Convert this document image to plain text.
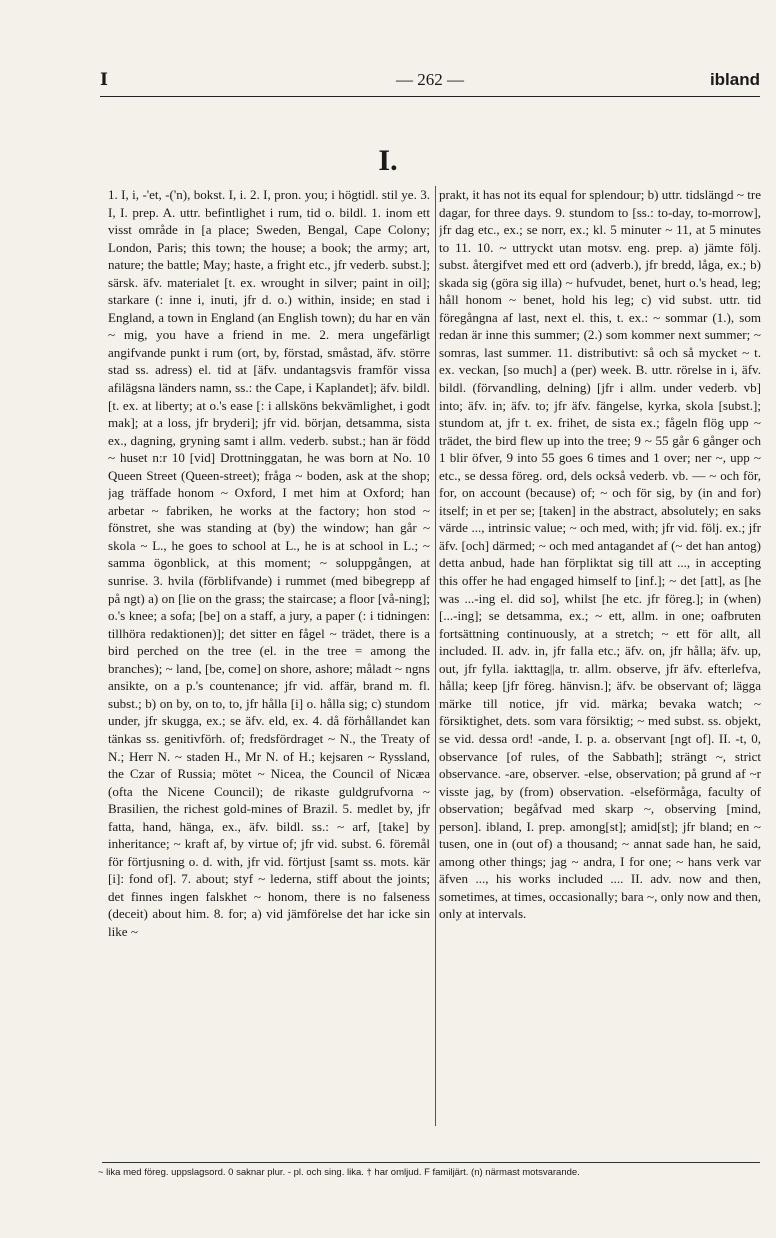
I	— 262 —	ibland
I.

1. I, i, -'et, -('n), bokst. I, i. 2. I, pron. you; i högtidl. stil ye. 3. I, I. prep. A. uttr. befintlighet i rum, tid o. bildl. 1. inom ett visst område in [a place; Sweden, Bengal, Cape Colony; London, Paris; this town; the house; a book; the army; art, nature; the battle; May; haste, a fright etc., jfr vederb. subst.]; särsk. äfv. materialet [t. ex. wrought in silver; paint in oil]; starkare (: inne i, inuti, jfr d. o.) within, inside; en stad i England, a town in England (an English town); du har en vän ~ mig, you have a friend in me. 2. mera ungefärligt angifvande punkt i rum (ort, by, förstad, småstad, äfv. större stad ss. adress) el. tid at [äfv. undantagsvis framför vissa afilägsna länders namn, ss.: the Cape, i Kaplandet]; äfv. bildl. [t. ex. at liberty; at o.'s ease [: i allsköns bekvämlighet, i godt mak]; at a loss, jfr bryderi]; jfr vid. början, detsamma, sista ex., dagning, gryning samt i allm. vederb. subst.; han är född ~ huset n:r 10 [vid] Drottninggatan, he was born at No. 10 Queen Street (Queen-street); fråga ~ boden, ask at the shop; jag träffade honom ~ Oxford, I met him at Oxford; han arbetar ~ fabriken, he works at the factory; hon stod ~ fönstret, she was standing at (by) the window; han går ~ skola ~ L., he goes to school at L., he is at school in L.; ~ samma ögonblick, at this moment; ~ soluppgången, at sunrise. 3. hvila (förblifvande) i rummet (med bibegrepp af på ngt) a) on [lie on the grass; the staircase; a floor [vå-ning]; o.'s knee; a sofa; [be] on a staff, a jury, a paper (: i tidningen: tillhöra redaktionen)]; det sitter en fågel ~ trädet, there is a bird perched on the tree (el. in the tree = among the branches); ~ land, [be, come] on shore, ashore; måladt ~ ngns ansikte, on a p.'s countenance; jfr vid. affär, brand m. fl. subst.; b) on by, on to, to, jfr hålla [i] o. hålla sig; c) stundom under, jfr skugga, ex.; se äfv. eld, ex. 4. då förhållandet kan tänkas ss. genitivförh. of; fredsfördraget ~ N., the Treaty of N.; Herr N. ~ staden H., Mr N. of H.; kejsaren ~ Ryssland, the Czar of Russia; mötet ~ Nicea, the Council of Nicæa (ofta the Nicene Council); de rikaste guldgrufvorna ~ Brasilien, the richest gold-mines of Brazil. 5. medlet by, jfr fatta, hand, hänga, ex., äfv. bildl. ss.: ~ arf, [take] by inheritance; ~ kraft af, by virtue of; jfr vid. subst. 6. föremål för förtjusning o. d. with, jfr vid. förtjust [samt ss. mots. kär [i]: fond of]. 7. about; styf ~ lederna, stiff about the joints; det finnes ingen falskhet ~ honom, there is no falseness (deceit) about him. 8. for; a) vid jämförelse det har icke sin like ~

prakt, it has not its equal for splendour; b) uttr. tidslängd ~ tre dagar, for three days. 9. stundom to [ss.: to-day, to-morrow], jfr dag etc., ex.; se norr, ex.; kl. 5 minuter ~ 11, at 5 minutes to 11. 10. ~ uttryckt utan motsv. eng. prep. a) jämte följ. subst. återgifvet med ett ord (adverb.), jfr bredd, låga, ex.; b) skada sig (göra sig illa) ~ hufvudet, benet, hurt o.'s head, leg; håll honom ~ benet, hold his leg; c) vid subst. uttr. tid föregångna af last, next el. this, t. ex.: ~ sommar (1.), som redan är inne this summer; (2.) som kommer next summer; ~ somras, last summer. 11. distributivt: så och så mycket ~ t. ex. veckan, [so much] a (per) week. B. uttr. rörelse in i, äfv. bildl. (förvandling, delning) [jfr i allm. under vederb. vb] into; äfv. in; äfv. to; jfr äfv. fängelse, kyrka, skola [subst.]; stundom at, jfr t. ex. frihet, de sista ex.; fågeln flög upp ~ trädet, the bird flew up into the tree; 9 ~ 55 går 6 gånger och 1 blir öfver, 9 into 55 goes 6 times and 1 over; ner ~, upp ~ etc., se dessa föreg. ord, dels också vederb. vb. — ~ och för, for, on account (because) of; ~ och för sig, by (in and for) itself; in et per se; [taken] in the abstract, absolutely; en saks värde ..., intrinsic value; ~ och med, with; jfr vid. följ. ex.; jfr äfv. [och] därmed; ~ och med antagandet af (~ det han antog) detta anbud, hade han förpliktat sig till att ..., in accepting this offer he had engaged himself to [inf.]; ~ det [att], as [he was ...-ing el. did so], whilst [he etc. jfr föreg.]; in (when) [...-ing]; se detsamma, ex.; ~ ett, allm. in one; oafbruten fortsättning continuously, at a stretch; ~ ett för allt, all included. II. adv. in, jfr falla etc.; äfv. on, jfr hålla; äfv. up, out, jfr fylla. iakttag||a, tr. allm. observe, jfr äfv. efterlefva, hålla; keep [jfr föreg. hänvisn.]; äfv. be observant of; lägga märke till notice, jfr vid. märka; bevaka watch; ~ försiktighet, dets. som vara försiktig; ~ med subst. ss. objekt, se vid. dessa ord! -ande, I. p. a. observant [ngt of]. II. -t, 0, observance [of rules, of the Sabbath]; strängt ~, strict observance. -are, observer. -else, observation; på grund af ~r visste jag, by (from) observation. -elseförmåga, faculty of observation; begåfvad med skarp ~, observing [mind, person]. ibland, I. prep. among[st]; amid[st]; jfr bland; en ~ tusen, one in (out of) a thousand; ~ annat sade han, he said, among other things; jag ~ andra, I for one; ~ hans verk var äfven ..., his works included .... II. adv. now and then, sometimes, at times, occasionally; bara ~, only now and then, only at intervals.

~ lika med föreg. uppslagsord. 0 saknar plur. - pl. och sing. lika. † har omljud. F familjärt. (n) närmast motsvarande.
